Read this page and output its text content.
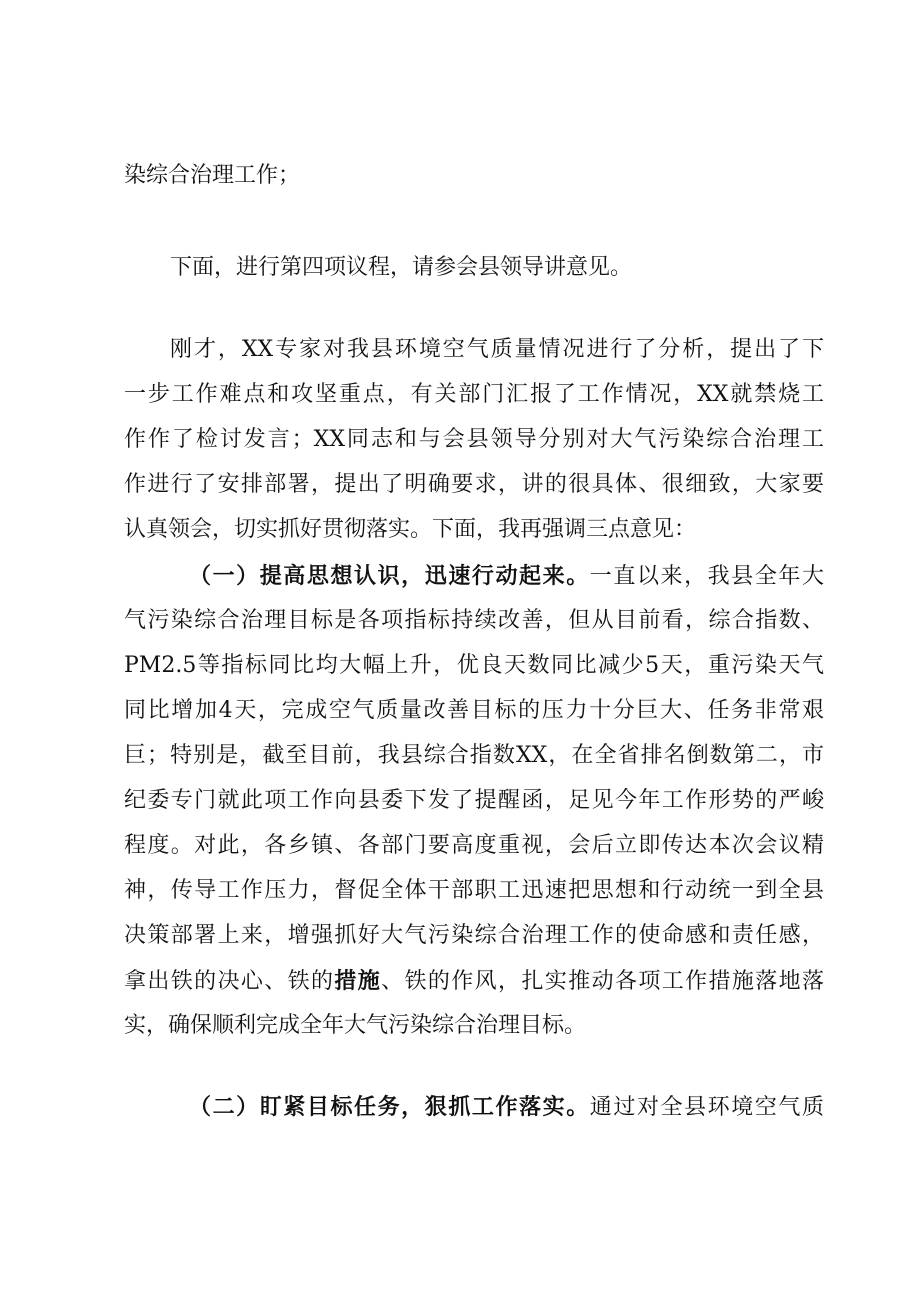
染综合治理工作；
下面，进行第四项议程，请参会县领导讲意见。
刚才，XX专家对我县环境空气质量情况进行了分析，提出了下
一步工作难点和攻坚重点，有关部门汇报了工作情况，XX就禁烧工
作作了检讨发言；XX同志和与会县领导分别对大气污染综合治理工
作进行了安排部署，提出了明确要求，讲的很具体、很细致，大家要
认真领会，切实抓好贯彻落实。下面，我再强调三点意见：
（一）提高思想认识，迅速行动起来。一直以来，我县全年大
气污染综合治理目标是各项指标持续改善，但从目前看，综合指数、
PM2.5等指标同比均大幅上升，优良天数同比减少5天，重污染天气
同比增加4天，完成空气质量改善目标的压力十分巨大、任务非常艰
巨；特别是，截至目前，我县综合指数XX，在全省排名倒数第二，市
纪委专门就此项工作向县委下发了提醒函，足见今年工作形势的严峻
程度。对此，各乡镇、各部门要高度重视，会后立即传达本次会议精
神，传导工作压力，督促全体干部职工迅速把思想和行动统一到全县
决策部署上来，增强抓好大气污染综合治理工作的使命感和责任感，
拿出铁的决心、铁的措施、铁的作风，扎实推动各项工作措施落地落
实，确保顺利完成全年大气污染综合治理目标。
（二）盯紧目标任务，狠抓工作落实。通过对全县环境空气质
